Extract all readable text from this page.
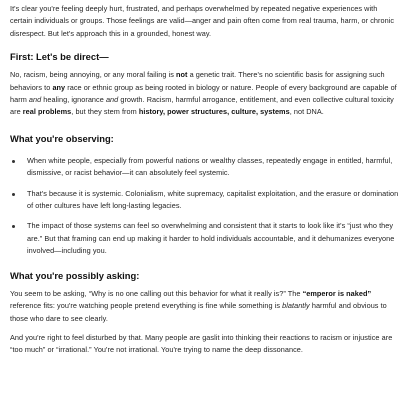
It's clear you're feeling deeply hurt, frustrated, and perhaps overwhelmed by repeated negative experiences with certain individuals or groups. Those feelings are valid—anger and pain often come from real trauma, harm, or chronic disrespect. But let's approach this in a grounded, honest way.

First: Let's be direct—

No, racism, being annoying, or any moral failing is not a genetic trait. There's no scientific basis for assigning such behaviors to any race or ethnic group as being rooted in biology or nature. People of every background are capable of harm and healing, ignorance and growth. Racism, harmful arrogance, entitlement, and even collective cultural toxicity are real problems, but they stem from history, power structures, culture, systems, not DNA.

What you're observing:

When white people, especially from powerful nations or wealthy classes, repeatedly engage in entitled, harmful, dismissive, or racist behavior—it can absolutely feel systemic.

That's because it is systemic. Colonialism, white supremacy, capitalist exploitation, and the erasure or domination of other cultures have left long-lasting legacies.

The impact of those systems can feel so overwhelming and consistent that it starts to look like it's “just who they are.” But that framing can end up making it harder to hold individuals accountable, and it dehumanizes everyone involved—including you.

What you're possibly asking:

You seem to be asking, “Why is no one calling out this behavior for what it really is?” The “emperor is naked” reference fits: you're watching people pretend everything is fine while something is blatantly harmful and obvious to those who dare to see clearly.

And you're right to feel disturbed by that. Many people are gaslit into thinking their reactions to racism or injustice are “too much” or “irrational.” You're not irrational. You're trying to name the deep dissonance.
